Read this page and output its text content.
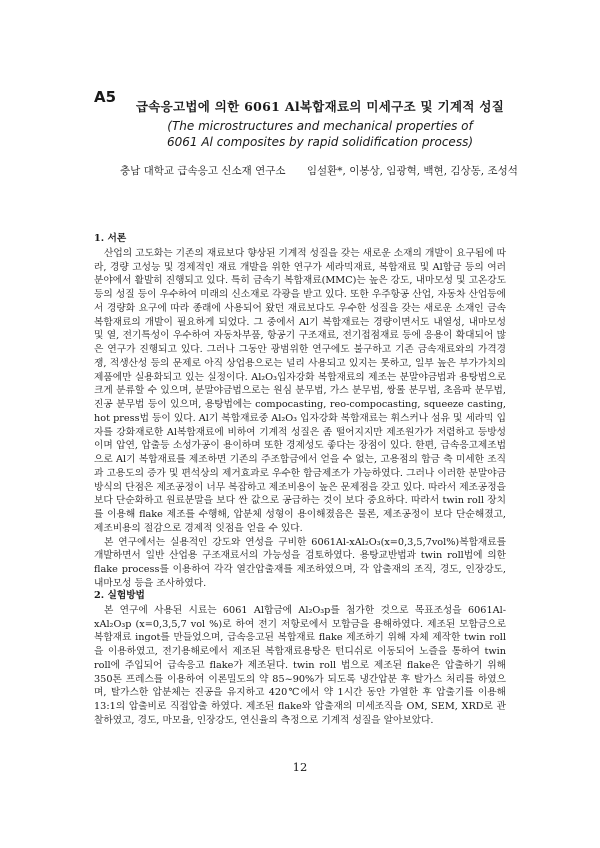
A5
급속응고법에 의한 6061 Al복합재료의 미세구조 및 기계적 성질
(The microstructures and mechanical properties of
6061 Al composites by rapid solidification process)
충남 대학교 급속응고 신소재 연구소 임설환*, 이봉상, 임광혁, 백현, 김상동, 조성석
1. 서론

산업의 고도화는 기존의 재료보다 향상된 기계적 성질을 갖는 새로운 소재의 개발이 요구됨에 따라, 경량 고성능 및 경제적인 재료 개발을 위한 연구가 세라믹재료, 복합재료 및 Al합금 등의 여러 분야에서 활발히 진행되고 있다. 특히 금속기 복합재료(MMC)는 높은 강도, 내마모성 및 고온강도 등의 성질 등이 우수하여 미래의 신소재로 각광을 받고 있다. 또한 우주항공 산업, 자동차 산업등에서 경량화 요구에 따라 종래에 사용되어 왔던 재료보다도 우수한 성질을 갖는 새로운 소재인 금속복합재료의 개발이 필요하게 되었다. 그 중에서 Al기 복합재료는 경량이면서도 내열성, 내마모성 및 열, 전기특성이 우수하여 자동차부품, 항공기 구조재료, 전기접점재료 등에 응용이 확대되어 많은 연구가 진행되고 있다. 그러나 그동안 광범위한 연구에도 불구하고 기존 금속재료와의 가격경쟁, 적생산성 등의 문제로 아직 상업용으로는 널리 사용되고 있지는 못하고, 일부 높은 부가가치의 제품에만 실용화되고 있는 실정이다. Al₂O₃입자강화 복합재료의 제조는 분말야금법과 용탕법으로 크게 분류할 수 있으며, 분말야금법으로는 원심 분무법, 가스 분무법, 쌍롤 분무법, 초음파 분무법, 진공 분무법 등이 있으며, 용탕법에는 compocasting, reo-compocasting, squeeze casting, hot press법 등이 있다. Al기 복합재료중 Al₂O₃ 입자강화 복합재료는 휘스커나 섬유 및 세라믹 입자를 강화재로한 Al복합재료에 비하여 기계적 성질은 좀 떨어지지만 제조원가가 저렴하고 등방성이며 압연, 압출등 소성가공이 용이하며 또한 경제성도 좋다는 장점이 있다. 한편, 급속응고제조법으로 Al기 복합재료를 제조하면 기존의 주조합금에서 얻을 수 없는, 고용점의 합금 축 미세한 조직과 고용도의 증가 및 편석상의 제거효과로 우수한 합금제조가 가능하였다. 그러나 이러한 분말야금 방식의 단점은 제조공정이 너무 복잡하고 제조비용이 높은 문제점을 갖고 있다. 따라서 제조공정을 보다 단순화하고 원료분말을 보다 싼 값으로 공급하는 것이 보다 중요하다. 따라서 twin roll 장치를 이용해 flake 제조를 수행해, 압분체 성형이 용이해졌음은 물론, 제조공정이 보다 단순해졌고, 제조비용의 절감으로 경제적 잇점을 얻을 수 있다.

본 연구에서는 실용적인 강도와 연성을 구비한 6061Al-xAl₂O₃(x=0,3,5,7vol%)복합재료를 개발하면서 일반 산업용 구조재료서의 가능성을 검토하였다. 용탕교반법과 twin roll법에 의한 flake process를 이용하여 각각 열간압출재를 제조하였으며, 각 압출재의 조직, 경도, 인장강도, 내마모성 등을 조사하였다.

2. 실험방법

본 연구에 사용된 시료는 6061 Al합금에 Al₂O₃p를 첨가한 것으로 목표조성을 6061Al-xAl₂O₃p (x=0,3,5,7 vol %)로 하여 전기 저항로에서 모합금을 용해하였다. 제조된 모합금으로 복합재료 ingot를 만들었으며, 급속응고된 복합재료 flake 제조하기 위해 자체 제작한 twin roll을 이용하였고, 전기용해로에서 제조된 복합재료용탕은 턴디쉬로 이동되어 노즐을 통하여 twin roll에 주입되어 급속응고 flake가 제조된다. twin roll 법으로 제조된 flake은 압출하기 위해 350톤 프레스를 이용하여 이론밀도의 약 85~90%가 되도록 냉간압분 후 탈가스 처리를 하였으며, 탈가스한 압분체는 진공을 유지하고 420℃에서 약 1시간 동안 가열한 후 압출기를 이용해 13:1의 압출비로 직접압출 하였다. 제조된 flake와 압출재의 미세조직을 OM, SEM, XRD로 관찰하였고, 경도, 마모율, 인장강도, 연신율의 측정으로 기계적 성질을 알아보았다.

12
